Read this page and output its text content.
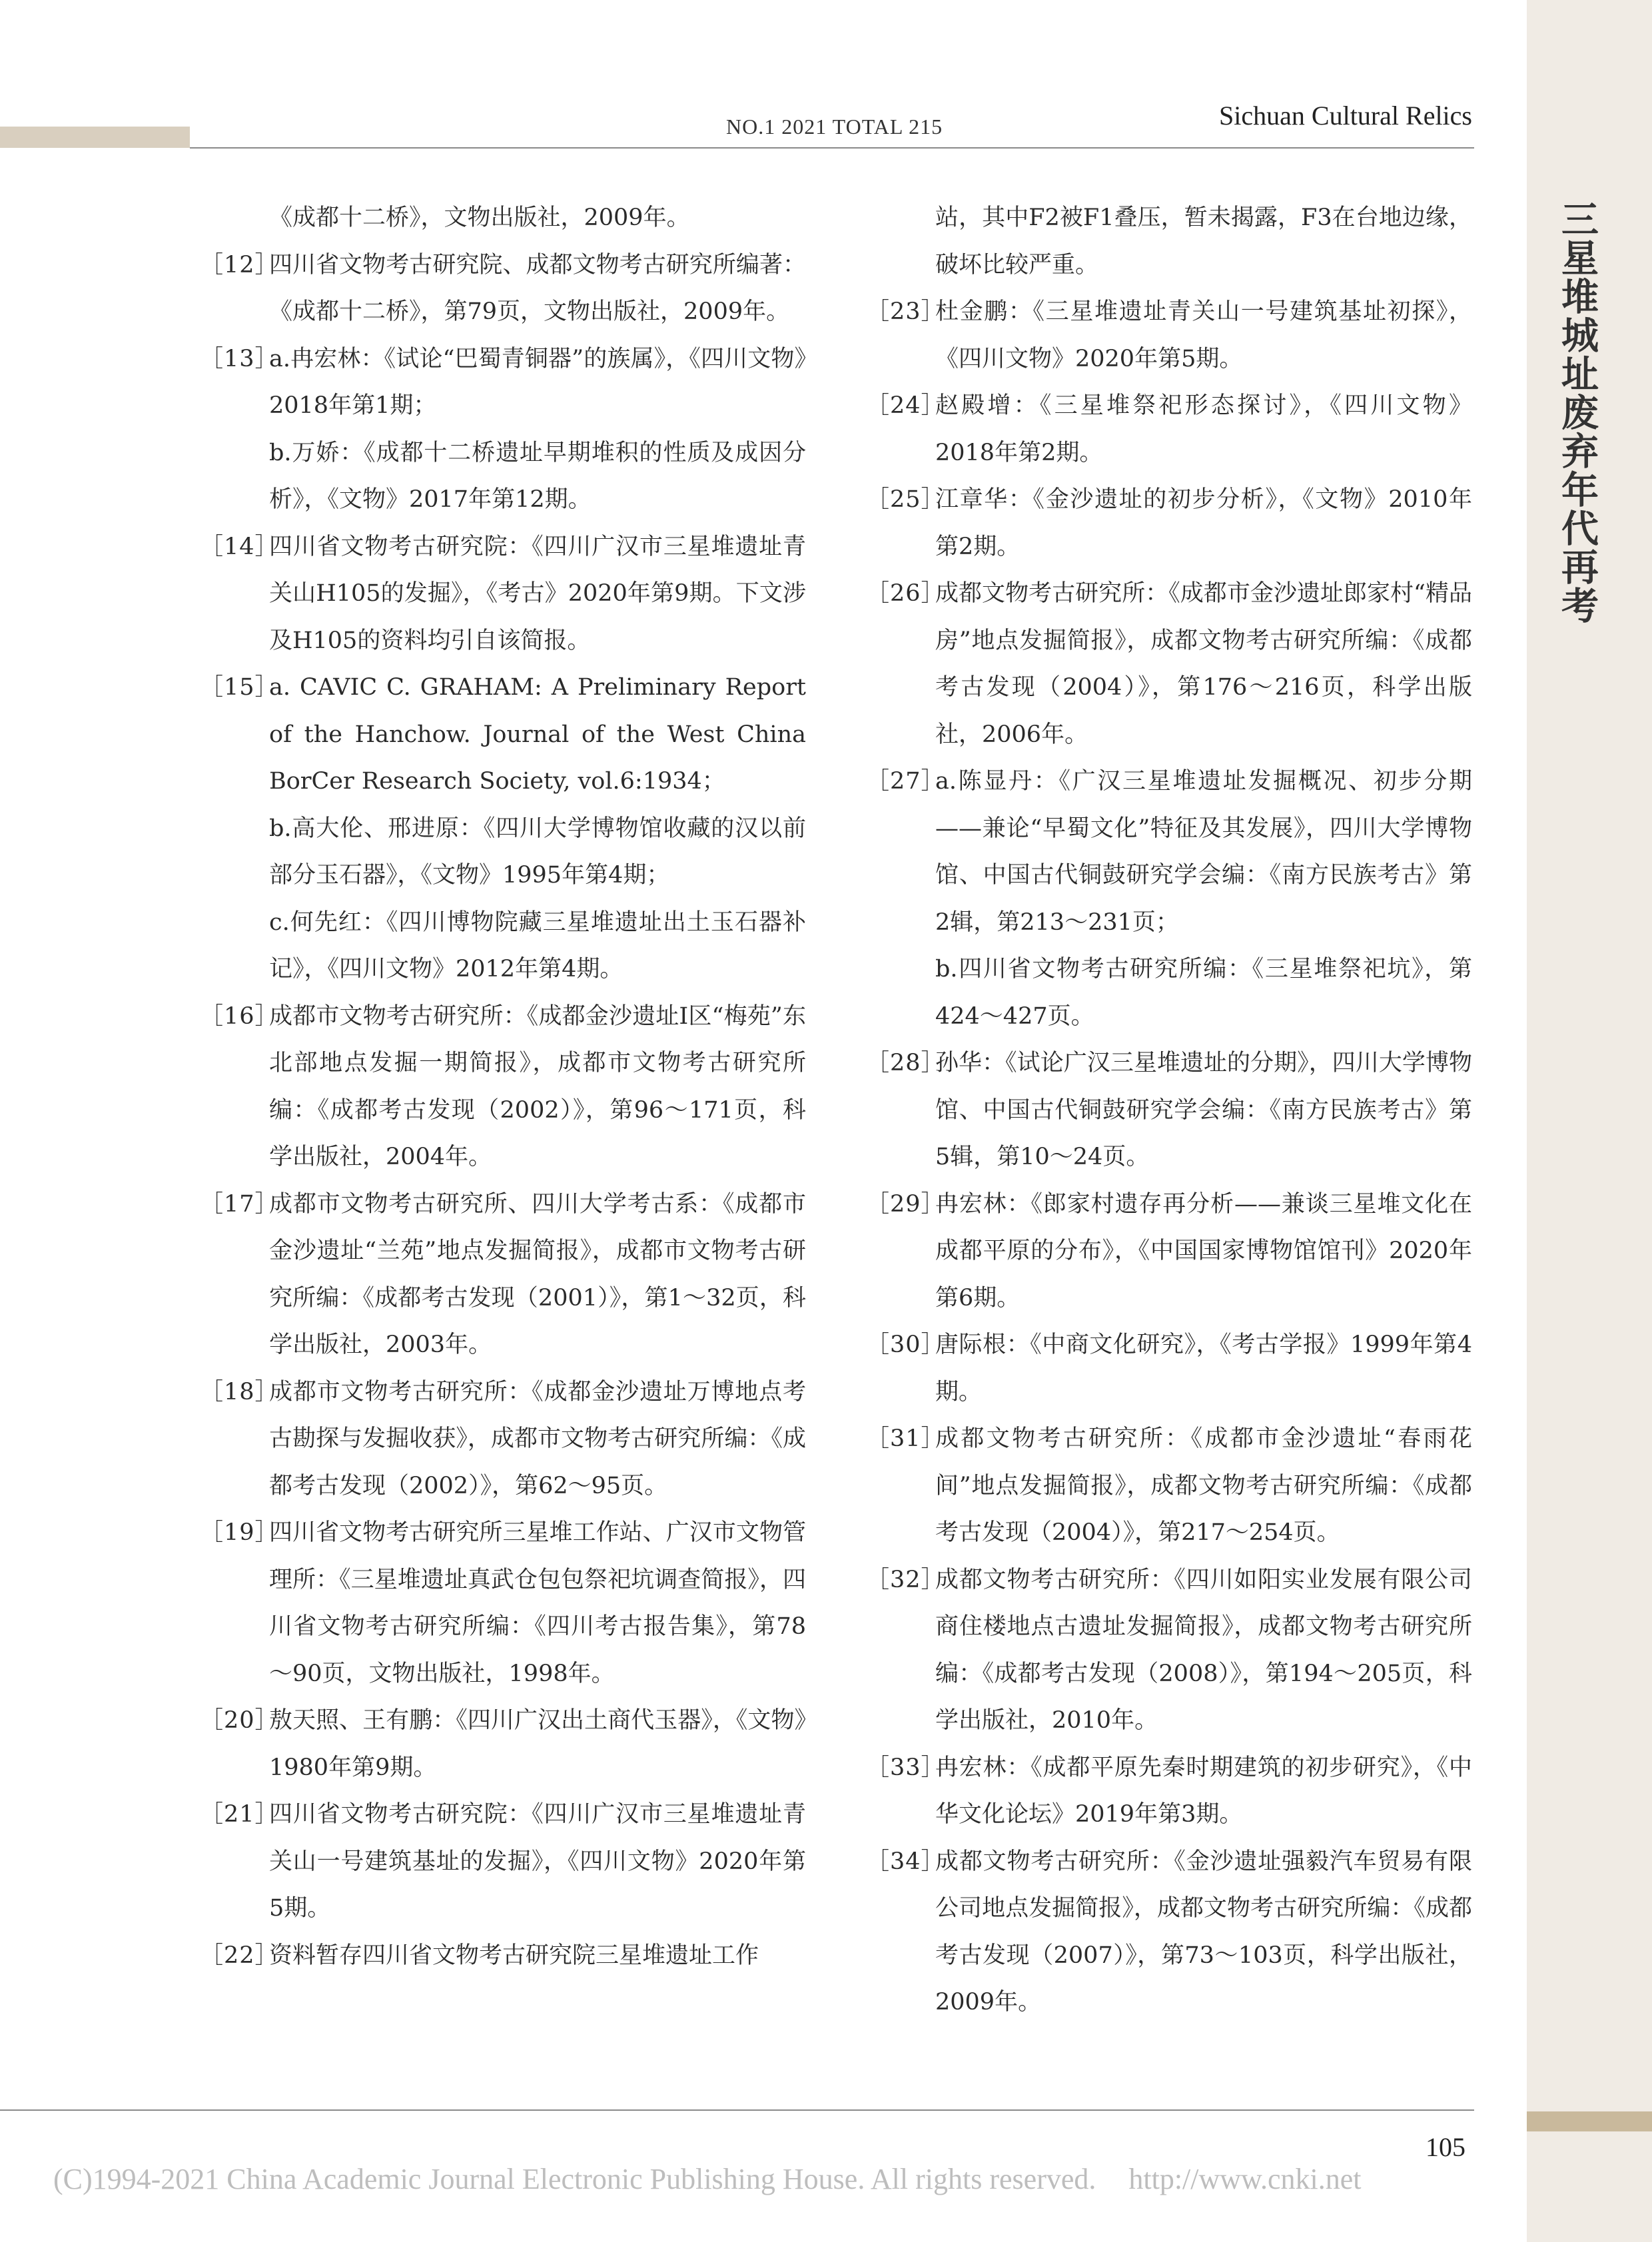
NO.1 2021 TOTAL 215	Sichuan Cultural Relics
三星堆城址废弃年代再考
《成都十二桥》，文物出版社，2009年。
［12］
四川省文物考古研究院、成都文物考古研究所编著：《成都十二桥》，第79页，文物出版社，2009年。
［13］
a.冉宏林：《试论“巴蜀青铜器”的族属》，《四川文物》2018年第1期；
b.万娇：《成都十二桥遗址早期堆积的性质及成因分析》，《文物》2017年第12期。
［14］
四川省文物考古研究院：《四川广汉市三星堆遗址青关山H105的发掘》，《考古》2020年第9期。下文涉及H105的资料均引自该简报。
［15］
a. CAVIC C. GRAHAM: A Preliminary Report of the Hanchow. Journal of the West China BorCer Research Society, vol.6:1934；
b.高大伦、邢进原：《四川大学博物馆收藏的汉以前部分玉石器》，《文物》1995年第4期；
c.何先红：《四川博物院藏三星堆遗址出土玉石器补记》，《四川文物》2012年第4期。
［16］
成都市文物考古研究所：《成都金沙遗址Ⅰ区“梅苑”东北部地点发掘一期简报》，成都市文物考古研究所编：《成都考古发现（2002）》，第96～171页，科学出版社，2004年。
［17］
成都市文物考古研究所、四川大学考古系：《成都市金沙遗址“兰苑”地点发掘简报》，成都市文物考古研究所编：《成都考古发现（2001）》，第1～32页，科学出版社，2003年。
［18］
成都市文物考古研究所：《成都金沙遗址万博地点考古勘探与发掘收获》，成都市文物考古研究所编：《成都考古发现（2002）》，第62～95页。
［19］
四川省文物考古研究所三星堆工作站、广汉市文物管理所：《三星堆遗址真武仓包包祭祀坑调查简报》，四川省文物考古研究所编：《四川考古报告集》，第78～90页，文物出版社，1998年。
［20］
敖天照、王有鹏：《四川广汉出土商代玉器》，《文物》1980年第9期。
［21］
四川省文物考古研究院：《四川广汉市三星堆遗址青关山一号建筑基址的发掘》，《四川文物》2020年第5期。
［22］
资料暂存四川省文物考古研究院三星堆遗址工作
站，其中F2被F1叠压，暂未揭露，F3在台地边缘，破坏比较严重。
［23］
杜金鹏：《三星堆遗址青关山一号建筑基址初探》，《四川文物》2020年第5期。
［24］
赵殿增：《三星堆祭祀形态探讨》，《四川文物》2018年第2期。
［25］
江章华：《金沙遗址的初步分析》，《文物》2010年第2期。
［26］
成都文物考古研究所：《成都市金沙遗址郎家村“精品房”地点发掘简报》，成都文物考古研究所编：《成都考古发现（2004）》，第176～216页，科学出版社，2006年。
［27］
a.陈显丹：《广汉三星堆遗址发掘概况、初步分期——兼论“早蜀文化”特征及其发展》，四川大学博物馆、中国古代铜鼓研究学会编：《南方民族考古》第2辑，第213～231页；
b.四川省文物考古研究所编：《三星堆祭祀坑》，第424～427页。
［28］
孙华：《试论广汉三星堆遗址的分期》，四川大学博物馆、中国古代铜鼓研究学会编：《南方民族考古》第5辑，第10～24页。
［29］
冉宏林：《郎家村遗存再分析——兼谈三星堆文化在成都平原的分布》，《中国国家博物馆馆刊》2020年第6期。
［30］
唐际根：《中商文化研究》，《考古学报》1999年第4期。
［31］
成都文物考古研究所：《成都市金沙遗址“春雨花间”地点发掘简报》，成都文物考古研究所编：《成都考古发现（2004）》，第217～254页。
［32］
成都文物考古研究所：《四川如阳实业发展有限公司商住楼地点古遗址发掘简报》，成都文物考古研究所编：《成都考古发现（2008）》，第194～205页，科学出版社，2010年。
［33］
冉宏林：《成都平原先秦时期建筑的初步研究》，《中华文化论坛》2019年第3期。
［34］
成都文物考古研究所：《金沙遗址强毅汽车贸易有限公司地点发掘简报》，成都文物考古研究所编：《成都考古发现（2007）》，第73～103页，科学出版社，2009年。
105
(C)1994-2021 China Academic Journal Electronic Publishing House. All rights reserved. http://www.cnki.net
